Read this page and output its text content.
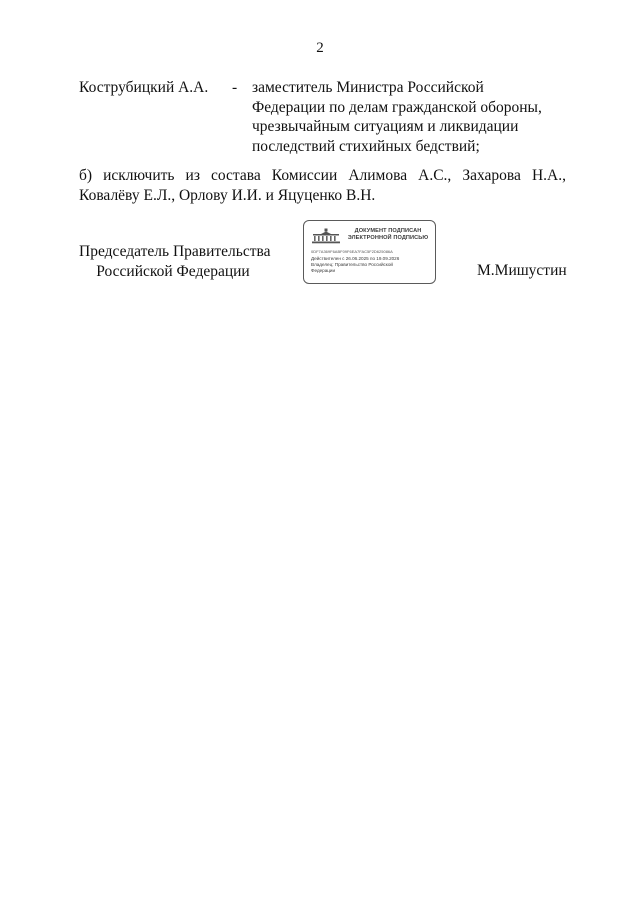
2
Кострубицкий А.А. - заместитель Министра Российской
Федерации по делам гражданской обороны,
чрезвычайным ситуациям и ликвидации
последствий стихийных бедствий;
б) исключить из состава Комиссии Алимова А.С., Захарова Н.А.,
Ковалёву Е.Л., Орлову И.И. и Яцуценко В.Н.
Председатель Правительства
Российской Федерации
ДОКУМЕНТ ПОДПИСАН
ЭЛЕКТРОННОЙ ПОДПИСЬЮ
0DF7A369F6ABF09F6EA7FAC5F2D625086A
Действителен с 26.06.2025 по 19.09.2026
Владелец: Правительство Российской
Федерации	М.Мишустин
